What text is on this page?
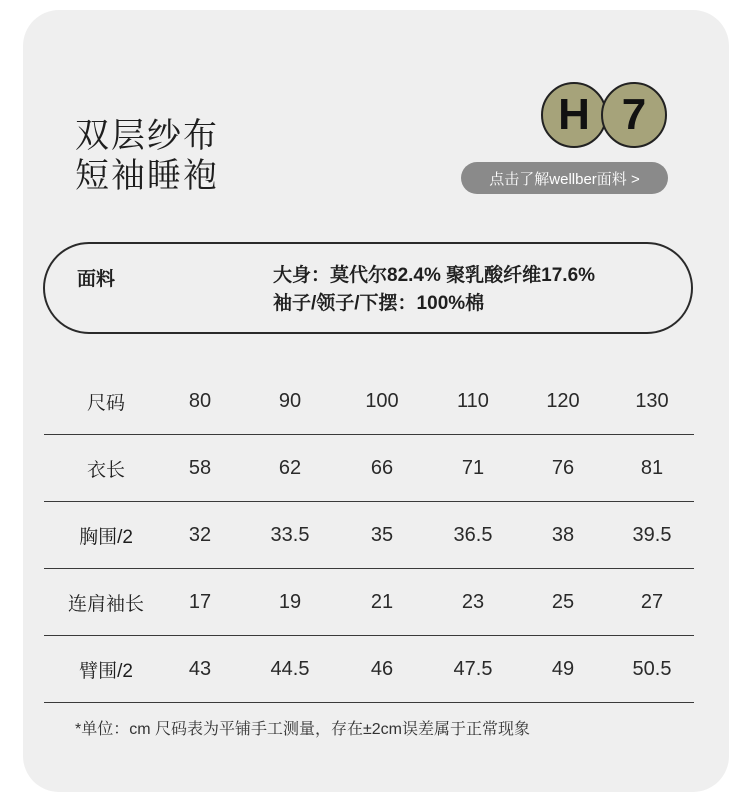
双层纱布
短袖睡袍
H 7
点击了解wellber面料 >
面料	大身：莫代尔82.4% 聚乳酸纤维17.6%
袖子/领子/下摆：100%棉
尺码	80	90	100	110	120	130
衣长	58	62	66	71	76	81
胸围/2	32	33.5	35	36.5	38	39.5
连肩袖长	17	19	21	23	25	27
臂围/2	43	44.5	46	47.5	49	50.5
*单位：cm 尺码表为平铺手工测量，存在±2cm误差属于正常现象
